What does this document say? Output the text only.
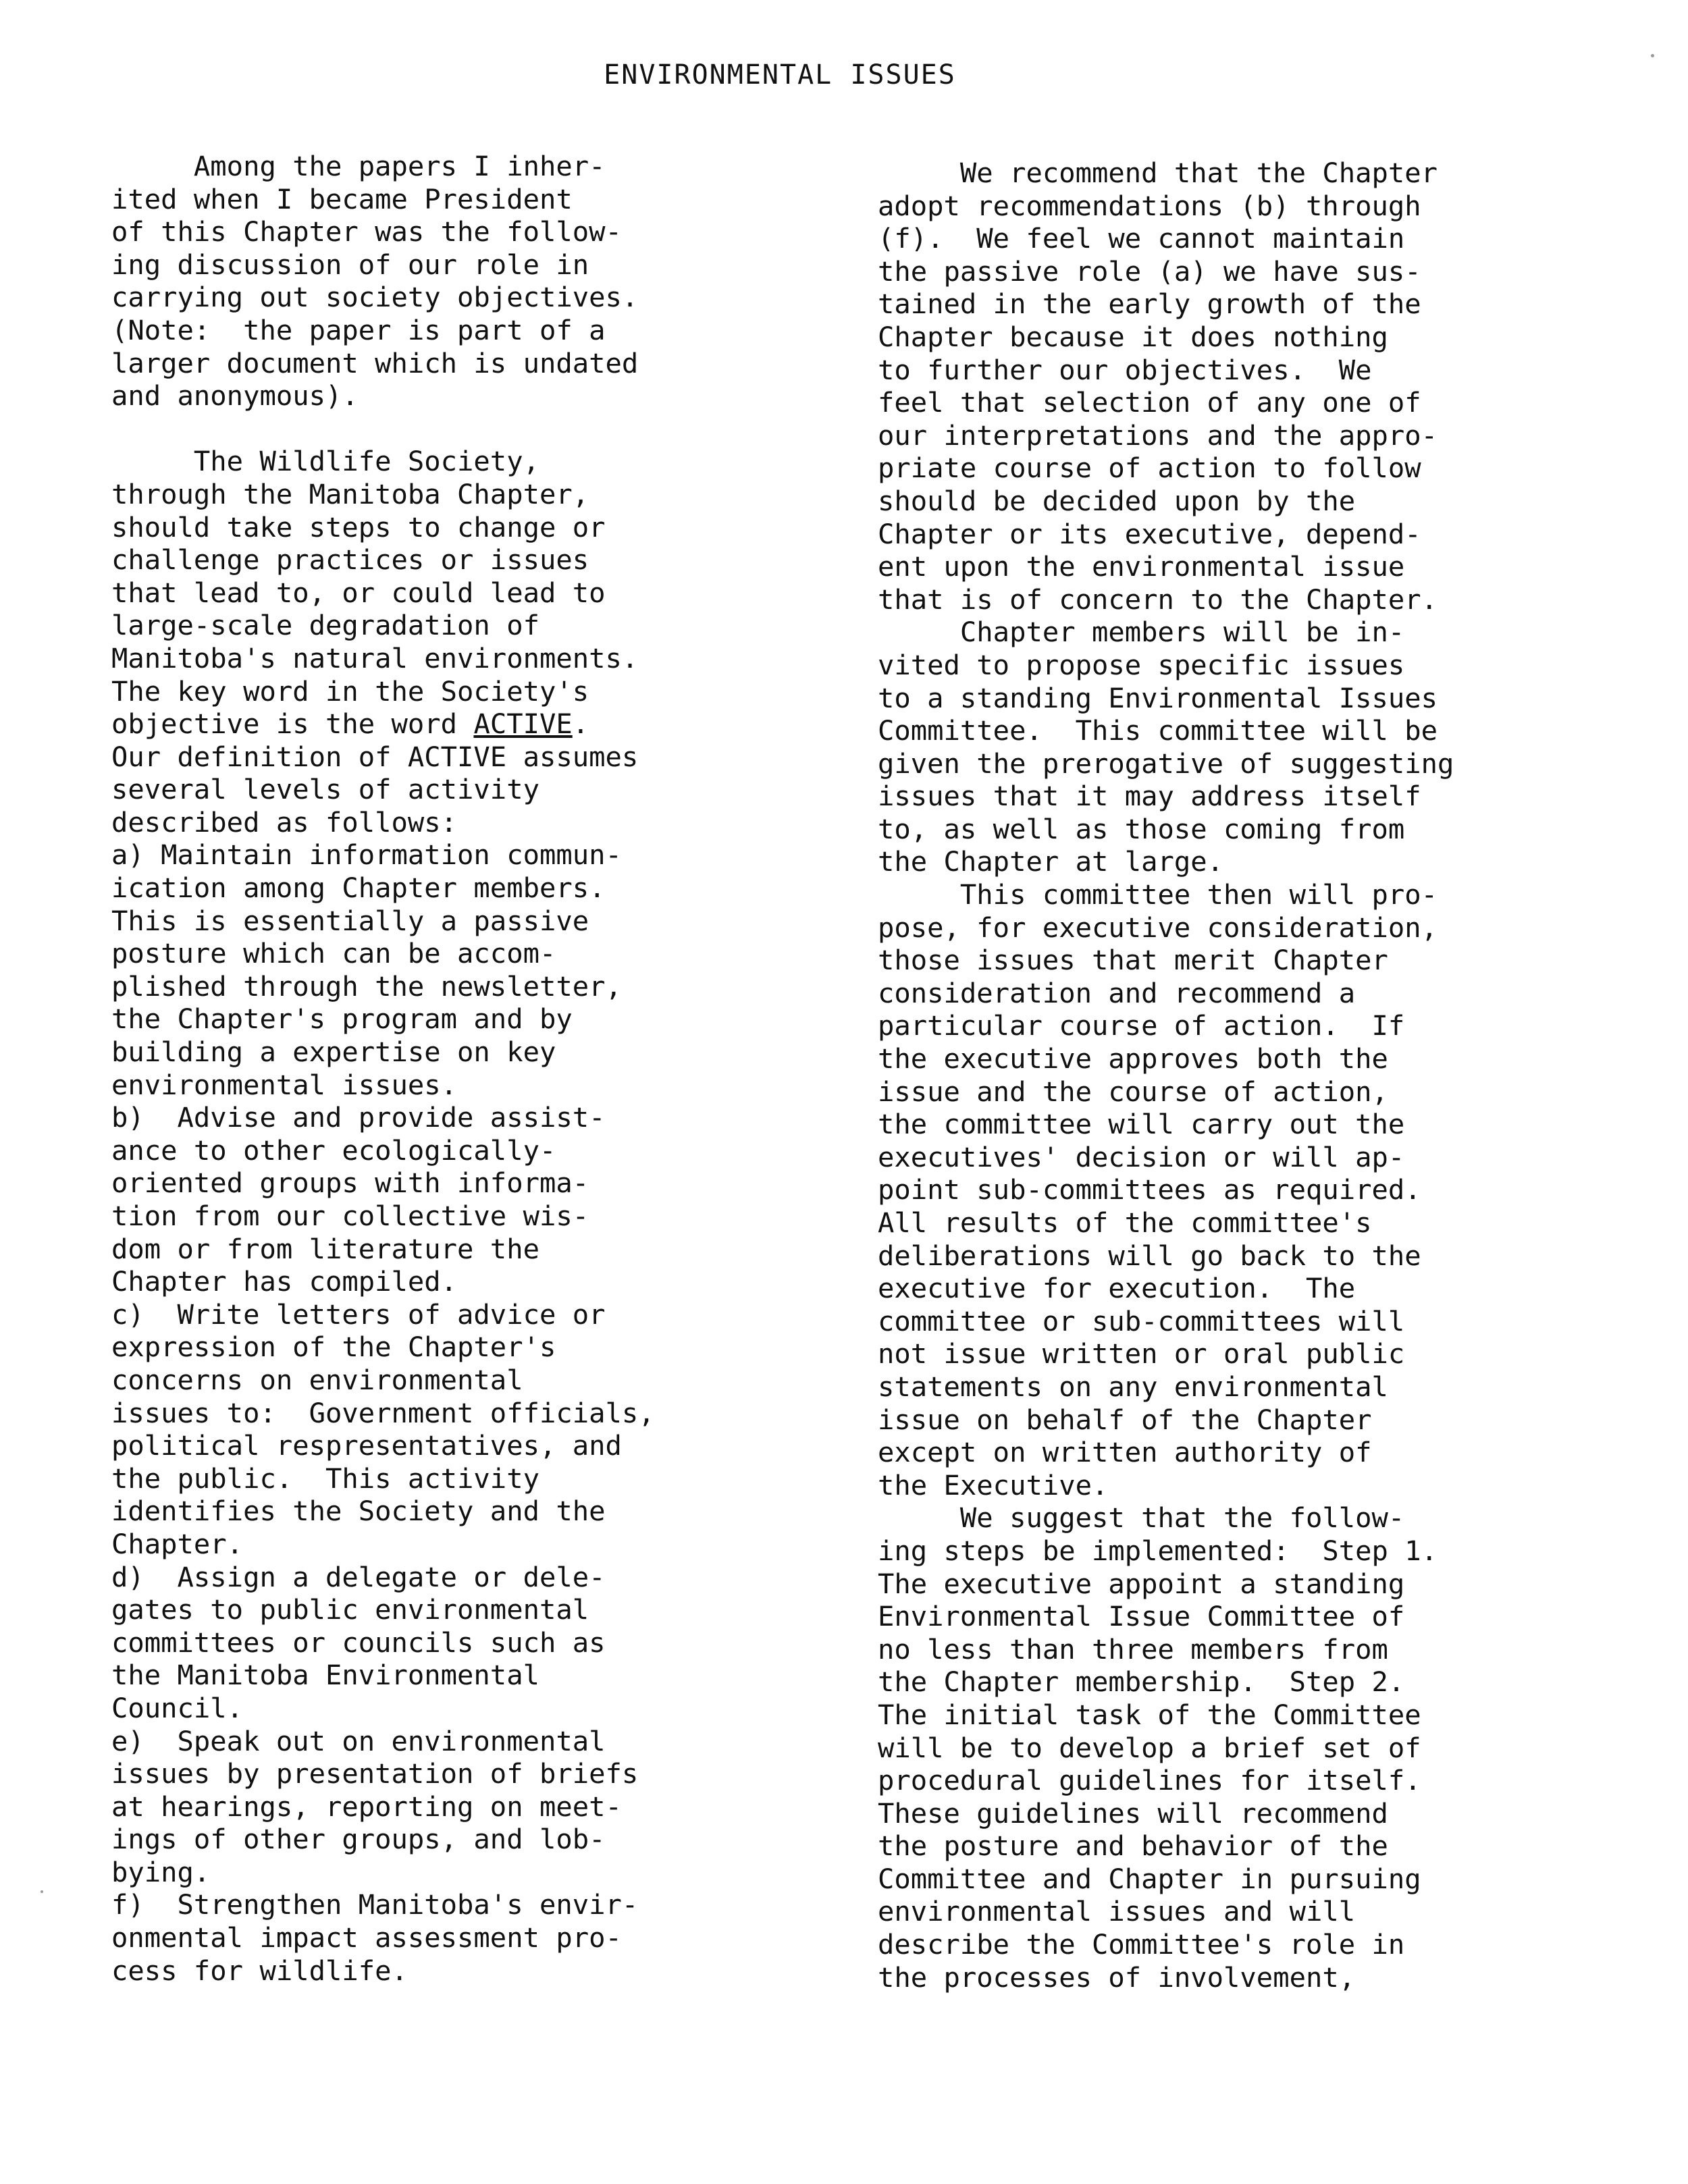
ENVIRONMENTAL ISSUES
Among the papers I inher-
ited when I became President
of this Chapter was the follow-
ing discussion of our role in
carrying out society objectives.
(Note:  the paper is part of a
larger document which is undated
and anonymous).
The Wildlife Society,
through the Manitoba Chapter,
should take steps to change or
challenge practices or issues
that lead to, or could lead to
large-scale degradation of
Manitoba's natural environments.
The key word in the Society's
objective is the word ACTIVE.
Our definition of ACTIVE assumes
several levels of activity
described as follows:
a) Maintain information commun-
ication among Chapter members.
This is essentially a passive
posture which can be accom-
plished through the newsletter,
the Chapter's program and by
building a expertise on key
environmental issues.
b)  Advise and provide assist-
ance to other ecologically-
oriented groups with informa-
tion from our collective wis-
dom or from literature the
Chapter has compiled.
c)  Write letters of advice or
expression of the Chapter's
concerns on environmental
issues to:  Government officials,
political respresentatives, and
the public.  This activity
identifies the Society and the
Chapter.
d)  Assign a delegate or dele-
gates to public environmental
committees or councils such as
the Manitoba Environmental
Council.
e)  Speak out on environmental
issues by presentation of briefs
at hearings, reporting on meet-
ings of other groups, and lob-
bying.
f)  Strengthen Manitoba's envir-
onmental impact assessment pro-
cess for wildlife.
We recommend that the Chapter
adopt recommendations (b) through
(f).  We feel we cannot maintain
the passive role (a) we have sus-
tained in the early growth of the
Chapter because it does nothing
to further our objectives.  We
feel that selection of any one of
our interpretations and the appro-
priate course of action to follow
should be decided upon by the
Chapter or its executive, depend-
ent upon the environmental issue
that is of concern to the Chapter.
Chapter members will be in-
vited to propose specific issues
to a standing Environmental Issues
Committee.  This committee will be
given the prerogative of suggesting
issues that it may address itself
to, as well as those coming from
the Chapter at large.
This committee then will pro-
pose, for executive consideration,
those issues that merit Chapter
consideration and recommend a
particular course of action.  If
the executive approves both the
issue and the course of action,
the committee will carry out the
executives' decision or will ap-
point sub-committees as required.
All results of the committee's
deliberations will go back to the
executive for execution.  The
committee or sub-committees will
not issue written or oral public
statements on any environmental
issue on behalf of the Chapter
except on written authority of
the Executive.
We suggest that the follow-
ing steps be implemented:  Step 1.
The executive appoint a standing
Environmental Issue Committee of
no less than three members from
the Chapter membership.  Step 2.
The initial task of the Committee
will be to develop a brief set of
procedural guidelines for itself.
These guidelines will recommend
the posture and behavior of the
Committee and Chapter in pursuing
environmental issues and will
describe the Committee's role in
the processes of involvement,
